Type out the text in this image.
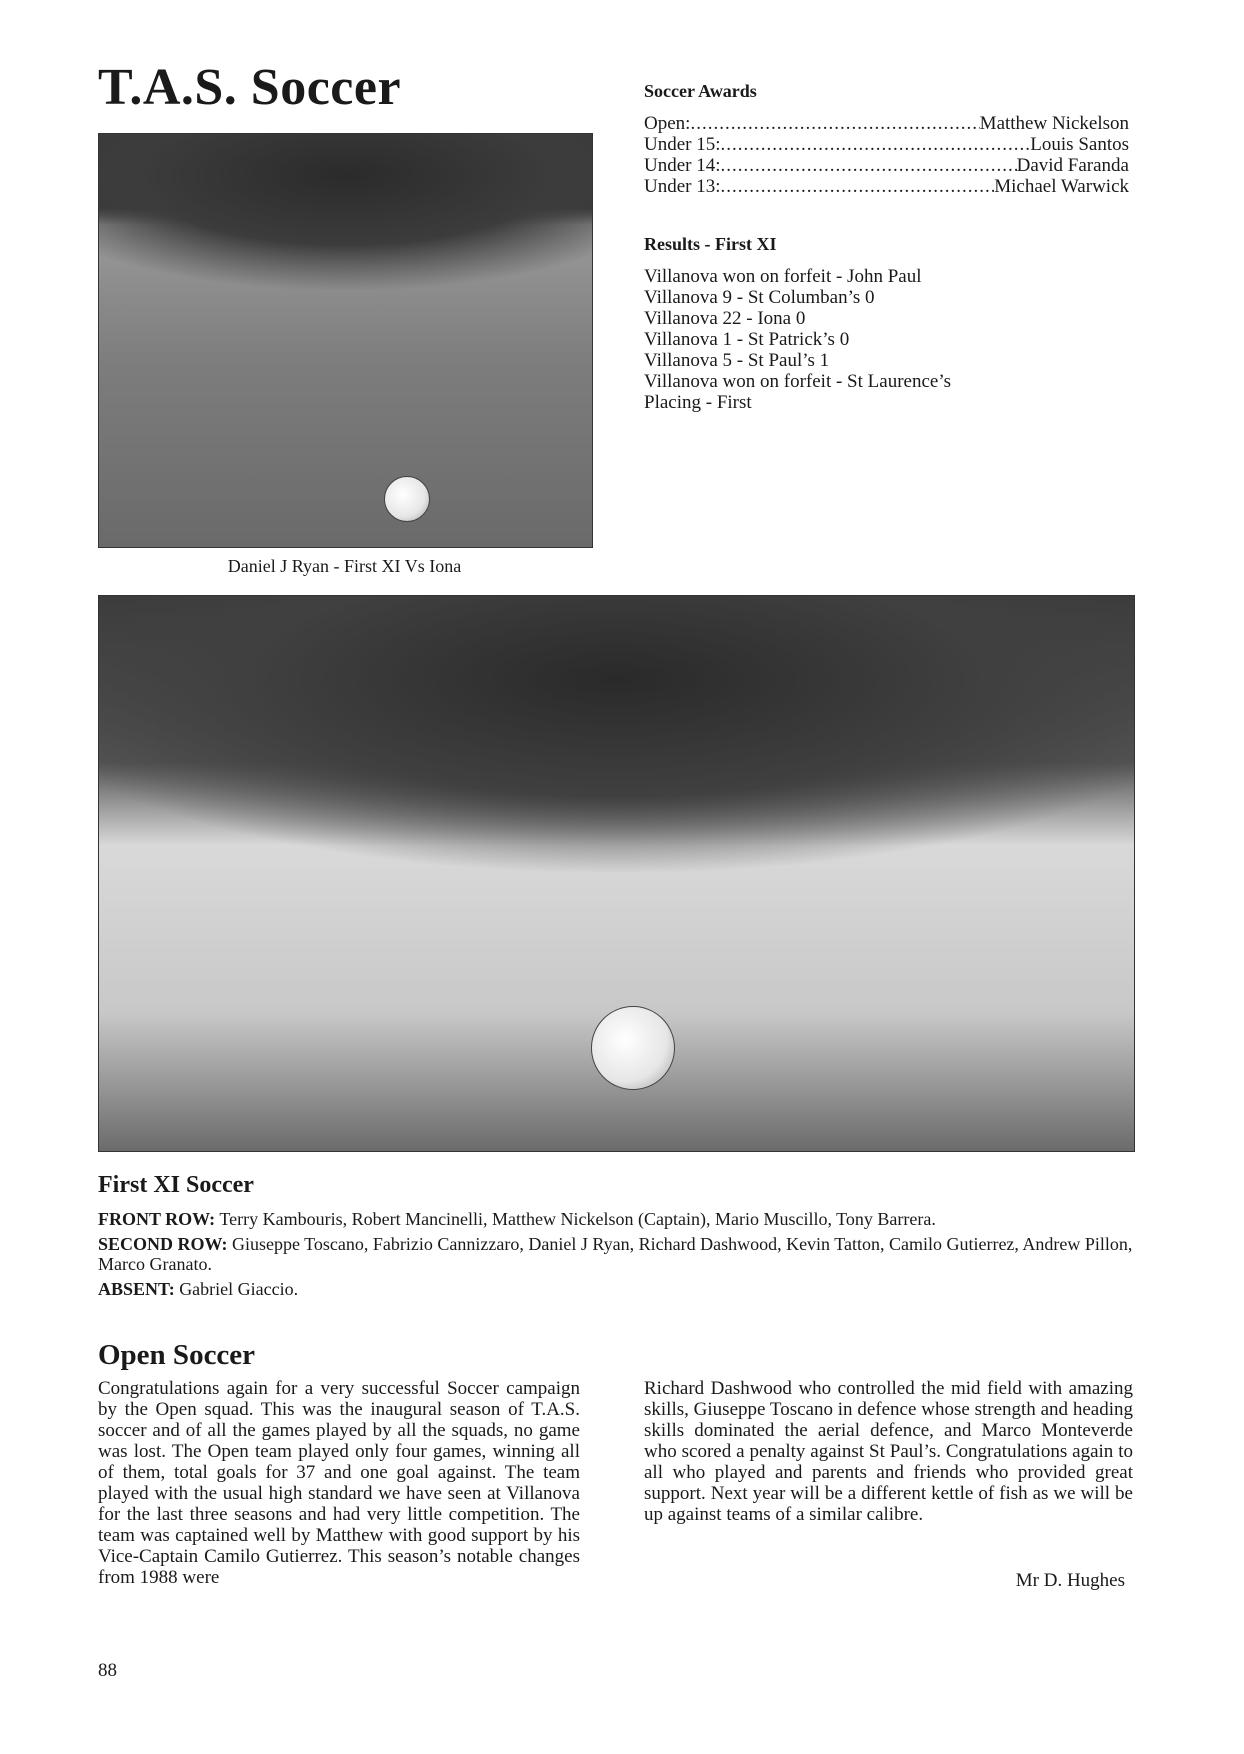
T.A.S. Soccer
Daniel J Ryan - First XI Vs Iona
Soccer Awards
Open: .....	Matthew Nickelson
Under 15: .....	Louis Santos
Under 14: .....	David Faranda
Under 13: .....	Michael Warwick
Results - First XI
Villanova won on forfeit - John Paul
Villanova 9 - St Columban’s 0
Villanova 22 - Iona 0
Villanova 1 - St Patrick’s 0
Villanova 5 - St Paul’s 1
Villanova won on forfeit - St Laurence’s
Placing - First
First XI Soccer

FRONT ROW: Terry Kambouris, Robert Mancinelli, Matthew Nickelson (Captain), Mario Muscillo, Tony Barrera.

SECOND ROW: Giuseppe Toscano, Fabrizio Cannizzaro, Daniel J Ryan, Richard Dashwood, Kevin Tatton, Camilo Gutierrez, Andrew Pillon, Marco Granato.

ABSENT: Gabriel Giaccio.

Open Soccer
Congratulations again for a very successful Soccer campaign by the Open squad. This was the inaugural season of T.A.S. soccer and of all the games played by all the squads, no game was lost. The Open team played only four games, winning all of them, total goals for 37 and one goal against. The team played with the usual high standard we have seen at Villanova for the last three seasons and had very little competition. The team was captained well by Matthew with good support by his Vice-Captain Camilo Gutierrez. This season’s notable changes from 1988 were
Richard Dashwood who controlled the mid field with amazing skills, Giuseppe Toscano in defence whose strength and heading skills dominated the aerial defence, and Marco Monteverde who scored a penalty against St Paul’s. Congratulations again to all who played and parents and friends who provided great support. Next year will be a different kettle of fish as we will be up against teams of a similar calibre.
Mr D. Hughes
88
